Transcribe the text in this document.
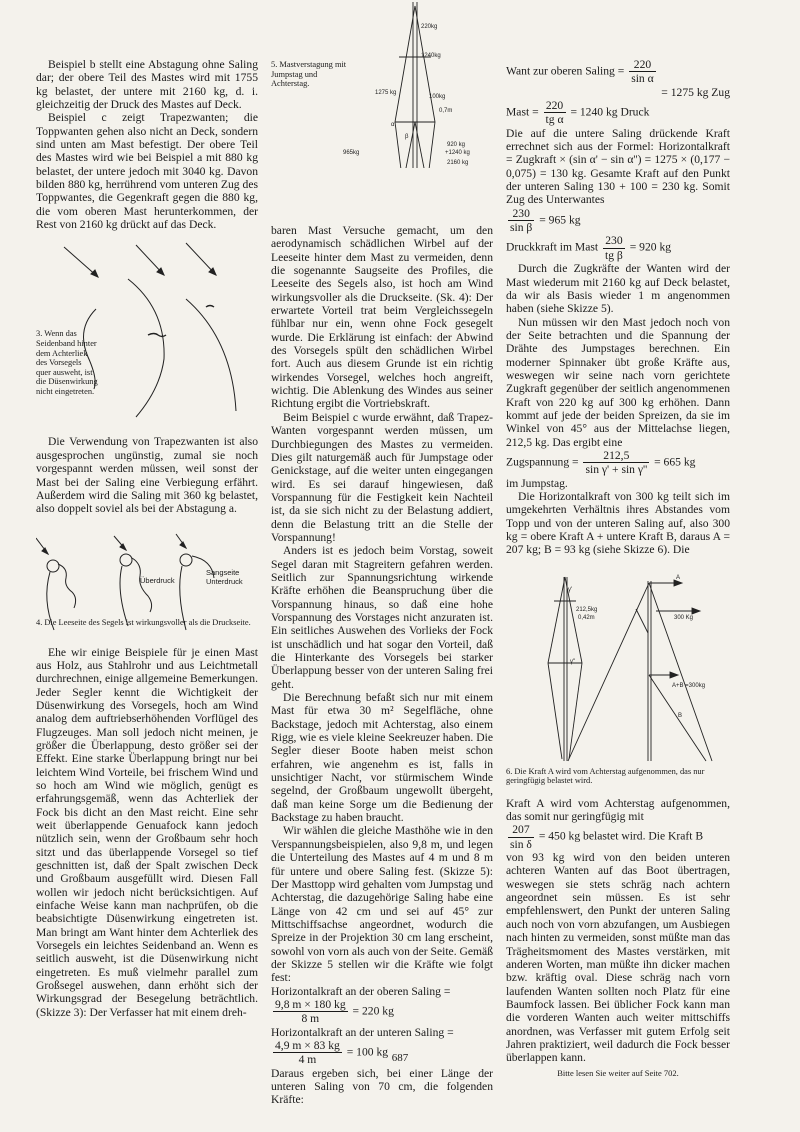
Beispiel b stellt eine Abstagung ohne Saling dar; der obere Teil des Mastes wird mit 1755 kg belastet, der untere mit 2160 kg, d. i. gleichzeitig der Druck des Mastes auf Deck.

Beispiel c zeigt Trapezwanten; die Toppwanten gehen also nicht an Deck, sondern sind unten am Mast befestigt. Der obere Teil des Mastes wird wie bei Beispiel a mit 880 kg belastet, der untere jedoch mit 3040 kg. Davon bilden 880 kg, herrührend vom unteren Zug des Toppwantes, die Gegenkraft gegen die 880 kg, die vom oberen Mast herunterkommen, der Rest von 2160 kg drückt auf das Deck.

3. Wenn das Seidenband hinter dem Achterliek des Vorsegels quer ausweht, ist die Düsenwirkung nicht eingetreten.

Die Verwendung von Trapezwanten ist also ausgesprochen ungünstig, zumal sie noch vorgespannt werden müssen, weil sonst der Mast bei der Saling eine Verbiegung erfährt. Außerdem wird die Saling mit 360 kg belastet, also doppelt soviel als bei der Abstagung a.

Überdruck
Sangseite
Unterdruck
4. Die Leeseite des Segels ist wirkungsvoller als die Druckseite.

Ehe wir einige Beispiele für je einen Mast aus Holz, aus Stahlrohr und aus Leichtmetall durchrechnen, einige allgemeine Bemerkungen. Jeder Segler kennt die Wichtigkeit der Düsenwirkung des Vorsegels, hoch am Wind analog dem auftriebserhöhenden Vorflügel des Flugzeuges. Man soll jedoch nicht meinen, je größer die Überlappung, desto größer sei der Effekt. Eine starke Überlappung bringt nur bei leichtem Wind Vorteile, bei frischem Wind und so hoch am Wind wie möglich, genügt es erfahrungsgemäß, wenn das Achterliek der Fock bis dicht an den Mast reicht. Eine sehr weit überlappende Genuafock kann jedoch nützlich sein, wenn der Großbaum sehr hoch sitzt und das überlappende Vorsegel so tief geschnitten ist, daß der Spalt zwischen Deck und Großbaum ausgefüllt wird. Diesen Fall wollen wir jedoch nicht berücksichtigen. Auf einfache Weise kann man nachprüfen, ob die beabsichtigte Düsenwirkung eingetreten ist. Man bringt am Want hinter dem Achterliek des Vorsegels ein leichtes Seidenband an. Wenn es seitlich ausweht, ist die Düsenwirkung nicht eingetreten. Es muß vielmehr parallel zum Großsegel auswehen, dann erhöht sich der Wirkungsgrad der Besegelung beträchtlich. (Skizze 3): Der Verfasser hat mit einem dreh-

5. Mastverstagung mit Jumpstag und Achterstag.
220kg
1240kg
1275 kg
100kg
0,7m
920 kg
+1240 kg
2160 kg
965kg
α
β

baren Mast Versuche gemacht, um den aerodynamisch schädlichen Wirbel auf der Leeseite hinter dem Mast zu vermeiden, denn die sogenannte Saugseite des Profiles, die Leeseite des Segels also, ist hoch am Wind wirkungsvoller als die Druckseite. (Sk. 4): Der erwartete Vorteil trat beim Vergleichssegeln fühlbar nur ein, wenn ohne Fock gesegelt wurde. Die Erklärung ist einfach: der Abwind des Vorsegels spült den schädlichen Wirbel fort. Auch aus diesem Grunde ist ein richtig wirkendes Vorsegel, welches hoch angreift, wichtig. Die Ablenkung des Windes aus seiner Richtung ergibt die Vortriebskraft.

Beim Beispiel c wurde erwähnt, daß Trapez-Wanten vorgespannt werden müssen, um Durchbiegungen des Mastes zu vermeiden. Dies gilt naturgemäß auch für Jumpstage oder Genickstage, auf die weiter unten eingegangen wird. Es sei darauf hingewiesen, daß Vorspannung für die Festigkeit kein Nachteil ist, da sie sich nicht zu der Belastung addiert, denn die Belastung tritt an die Stelle der Vorspannung!

Anders ist es jedoch beim Vorstag, soweit Segel daran mit Stagreitern gefahren werden. Seitlich zur Spannungsrichtung wirkende Kräfte erhöhen die Beanspruchung über die Vorspannung hinaus, so daß eine hohe Vorspannung des Vorstages nicht anzuraten ist. Ein seitliches Auswehen des Vorlieks der Fock ist unschädlich und hat sogar den Vorteil, daß die Hinterkante des Vorsegels bei starker Überlappung besser von der unteren Saling frei geht.

Die Berechnung befaßt sich nur mit einem Mast für etwa 30 m² Segelfläche, ohne Backstage, jedoch mit Achterstag, also einem Rigg, wie es viele kleine Seekreuzer haben. Die Segler dieser Boote haben meist schon erfahren, wie angenehm es ist, falls in unsichtiger Nacht, vor stürmischem Winde segelnd, der Großbaum ungewollt übergeht, daß man keine Sorge um die Bedienung der Backstage zu haben braucht.

Wir wählen die gleiche Masthöhe wie in den Verspannungsbeispielen, also 9,8 m, und legen die Unterteilung des Mastes auf 4 m und 8 m für untere und obere Saling fest. (Skizze 5): Der Masttopp wird gehalten vom Jumpstag und Achterstag, die dazugehörige Saling habe eine Länge von 42 cm und sei auf 45° zur Mittschiffsachse angeordnet, wodurch die Spreize in der Projektion 30 cm lang erscheint, sowohl von vorn als auch von der Seite. Gemäß der Skizze 5 stellen wir die Kräfte wie folgt fest:

Horizontalkraft an der oberen Saling =

$\frac{9,8 m \times 180 kg}{8 m} = 220$ kg

Horizontalkraft an der unteren Saling =

$\frac{4,9 m \times 83 kg}{4 m} = 100$ kg

Daraus ergeben sich, bei einer Länge der unteren Saling von 70 cm, die folgenden Kräfte:

Want zur oberen Saling = $\frac{220}{\text{sin α}}$

= 1275 kg Zug

Mast = $\frac{220}{\text{tg α}} = 1240$ kg Druck

Die auf die untere Saling drückende Kraft errechnet sich aus der Formel: Horizontalkraft = Zugkraft × (sin α' − sin α'') = 1275 × (0,177 − 0,075) = 130 kg. Gesamte Kraft auf den Punkt der unteren Saling 130 + 100 = 230 kg. Somit Zug des Unterwantes

$\frac{230}{\text{sin β}} = 965$ kg

Druckkraft im Mast $\frac{230}{\text{tg β}} = 920$ kg

Durch die Zugkräfte der Wanten wird der Mast wiederum mit 2160 kg auf Deck belastet, da wir als Basis wieder 1 m angenommen haben (siehe Skizze 5).

Nun müssen wir den Mast jedoch noch von der Seite betrachten und die Spannung der Drähte des Jumpstages berechnen. Ein moderner Spinnaker übt große Kräfte aus, weswegen wir seine nach vorn gerichtete Zugkraft gegenüber der seitlich angenommenen Kraft von 220 kg auf 300 kg erhöhen. Dann kommt auf jede der beiden Spreizen, da sie im Winkel von 45° aus der Mittelachse liegen, 212,5 kg. Das ergibt eine

Zugspannung = $\frac{212,5}{\text{sin γ' + sin γ''}} = 665$ kg
im Jumpstag.

Die Horizontalkraft von 300 kg teilt sich im umgekehrten Verhältnis ihres Abstandes vom Topp und von der unteren Saling auf, also 300 kg = obere Kraft A + untere Kraft B, daraus A = 207 kg; B = 93 kg (siehe Skizze 6). Die

A
γ'
212,5kg
0,42m	300 Kg
γ''
A+B =300kg
B
6. Die Kraft A wird vom Achterstag aufgenommen, das nur geringfügig belastet wird.

Kraft A wird vom Achterstag aufgenommen, das somit nur geringfügig mit

$\frac{207}{\text{sin δ}} = 450$ kg belastet wird. Die Kraft B

von 93 kg wird von den beiden unteren achteren Wanten auf das Boot übertragen, weswegen sie stets schräg nach achtern angeordnet sein müssen. Es ist sehr empfehlenswert, den Punkt der unteren Saling auch noch von vorn abzufangen, um Ausbiegen nach hinten zu vermeiden, sonst müßte man das Trägheitsmoment des Mastes verstärken, mit anderen Worten, man müßte ihn dicker machen bzw. kräftig oval. Diese schräg nach vorn laufenden Wanten sollten noch Platz für eine Baumfock lassen. Bei üblicher Fock kann man die vorderen Wanten auch weiter mittschiffs anordnen, was Verfasser mit gutem Erfolg seit Jahren praktiziert, weil dadurch die Fock besser überlappen kann.

Bitte lesen Sie weiter auf Seite 702.

687
